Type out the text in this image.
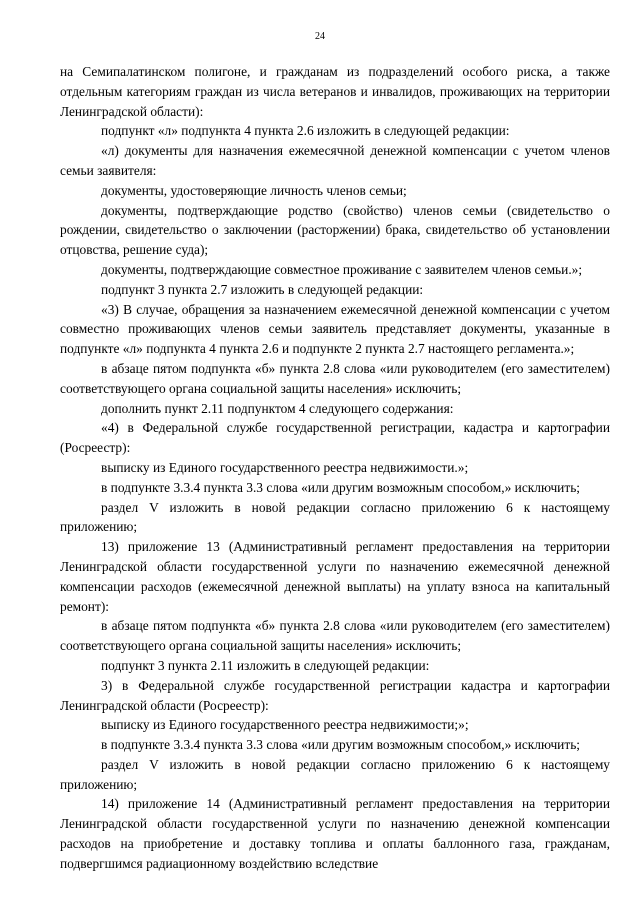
24

на Семипалатинском полигоне, и гражданам из подразделений особого риска, а также отдельным категориям граждан из числа ветеранов и инвалидов, проживающих на территории Ленинградской области):

подпункт «л» подпункта 4 пункта 2.6 изложить в следующей редакции:

«л) документы для назначения ежемесячной денежной компенсации с учетом членов семьи заявителя:

документы, удостоверяющие личность членов семьи;

документы, подтверждающие родство (свойство) членов семьи (свидетельство о рождении, свидетельство о заключении (расторжении) брака, свидетельство об установлении отцовства, решение суда);

документы, подтверждающие совместное проживание с заявителем членов семьи.»;

подпункт 3 пункта 2.7 изложить в следующей редакции:

«3) В случае, обращения за назначением ежемесячной денежной компенсации с учетом совместно проживающих членов семьи заявитель представляет документы, указанные в подпункте «л» подпункта 4 пункта 2.6 и подпункте 2 пункта 2.7 настоящего регламента.»;

в абзаце пятом подпункта «б» пункта 2.8 слова «или руководителем (его заместителем) соответствующего органа социальной защиты населения» исключить;

дополнить пункт 2.11 подпунктом 4 следующего содержания:

«4) в Федеральной службе государственной регистрации, кадастра и картографии (Росреестр):

выписку из Единого государственного реестра недвижимости.»;

в подпункте 3.3.4 пункта 3.3 слова «или другим возможным способом,» исключить;

раздел V изложить в новой редакции согласно приложению 6 к настоящему приложению;

13) приложение 13 (Административный регламент предоставления на территории Ленинградской области государственной услуги по назначению ежемесячной денежной компенсации расходов (ежемесячной денежной выплаты) на уплату взноса на капитальный ремонт):

в абзаце пятом подпункта «б» пункта 2.8 слова «или руководителем (его заместителем) соответствующего органа социальной защиты населения» исключить;

подпункт 3 пункта 2.11 изложить в следующей редакции:

3) в Федеральной службе государственной регистрации кадастра и картографии Ленинградской области (Росреестр):

выписку из Единого государственного реестра недвижимости;»;

в подпункте 3.3.4 пункта 3.3 слова «или другим возможным способом,» исключить;

раздел V изложить в новой редакции согласно приложению 6 к настоящему приложению;

14) приложение 14 (Административный регламент предоставления на территории Ленинградской области государственной услуги по назначению денежной компенсации расходов на приобретение и доставку топлива и оплаты баллонного газа, гражданам, подвергшимся радиационному воздействию вследствие
